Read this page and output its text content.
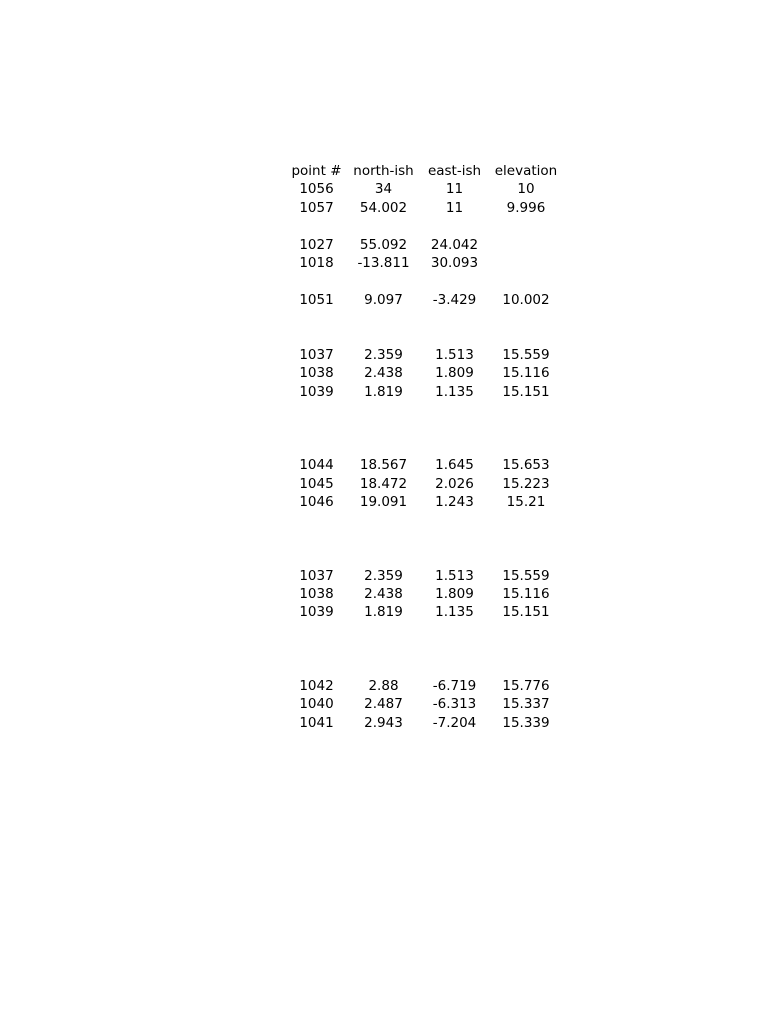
point # north-ish	east-ish	elevation
1056	34	11	10
1057	54.002	11	9.996
1027	55.092	24.042
1018	-13.811	30.093
1051	9.097	-3.429	10.002
1037	2.359	1.513	15.559
1038	2.438	1.809	15.116
1039	1.819	1.135	15.151
1044	18.567	1.645	15.653
1045	18.472	2.026	15.223
1046	19.091	1.243	15.21
1037	2.359	1.513	15.559
1038	2.438	1.809	15.116
1039	1.819	1.135	15.151
1042	2.88	-6.719	15.776
1040	2.487	-6.313	15.337
1041	2.943	-7.204	15.339
